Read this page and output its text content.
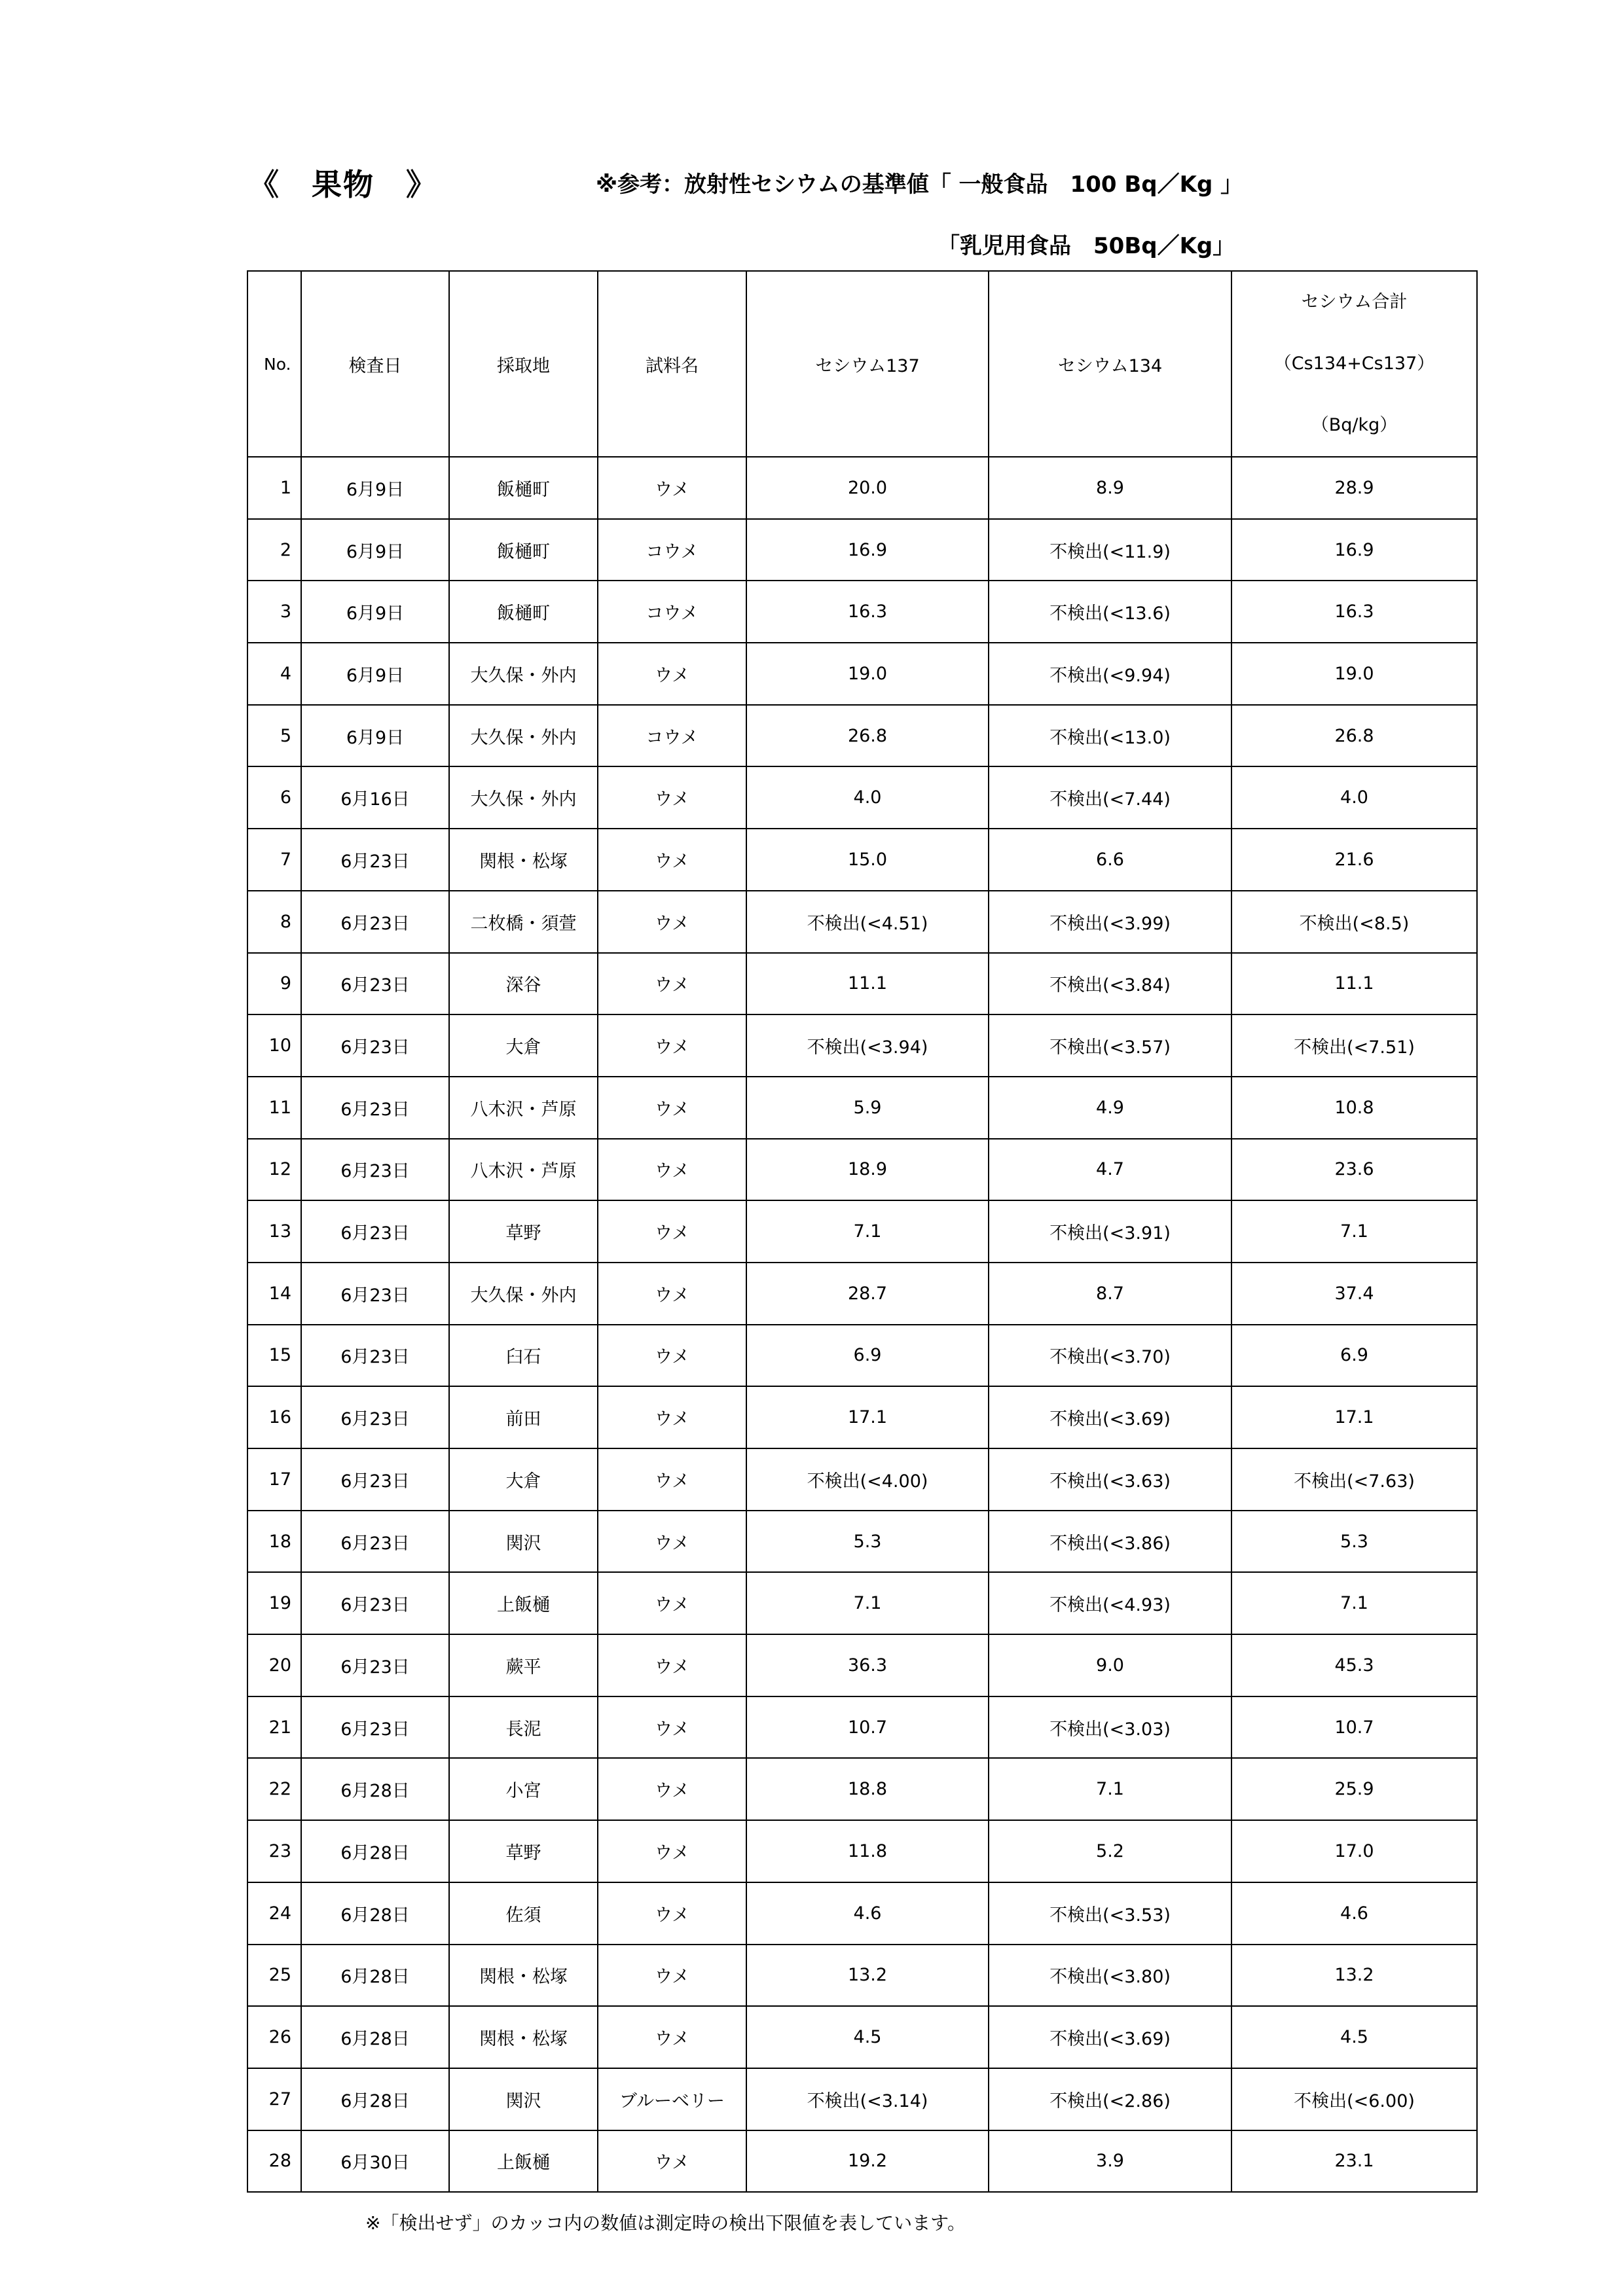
《　果物　》	※参考：放射性セシウムの基準値「 一般食品　100 Bq／Kg 」
「乳児用食品　50Bq／Kg」
No.	検査日	採取地	試料名	セシウム137	セシウム134	セシウム合計
（Cs134+Cs137）
（Bq/kg）

1	6月9日	飯樋町	ウメ	20.0	8.9	28.9
2	6月9日	飯樋町	コウメ	16.9	不検出(<11.9)	16.9
3	6月9日	飯樋町	コウメ	16.3	不検出(<13.6)	16.3
4	6月9日	大久保・外内	ウメ	19.0	不検出(<9.94)	19.0
5	6月9日	大久保・外内	コウメ	26.8	不検出(<13.0)	26.8
6	6月16日	大久保・外内	ウメ	4.0	不検出(<7.44)	4.0
7	6月23日	関根・松塚	ウメ	15.0	6.6	21.6
8	6月23日	二枚橋・須萱	ウメ	不検出(<4.51)	不検出(<3.99)	不検出(<8.5)
9	6月23日	深谷	ウメ	11.1	不検出(<3.84)	11.1
10	6月23日	大倉	ウメ	不検出(<3.94)	不検出(<3.57)	不検出(<7.51)
11	6月23日	八木沢・芦原	ウメ	5.9	4.9	10.8
12	6月23日	八木沢・芦原	ウメ	18.9	4.7	23.6
13	6月23日	草野	ウメ	7.1	不検出(<3.91)	7.1
14	6月23日	大久保・外内	ウメ	28.7	8.7	37.4
15	6月23日	臼石	ウメ	6.9	不検出(<3.70)	6.9
16	6月23日	前田	ウメ	17.1	不検出(<3.69)	17.1
17	6月23日	大倉	ウメ	不検出(<4.00)	不検出(<3.63)	不検出(<7.63)
18	6月23日	関沢	ウメ	5.3	不検出(<3.86)	5.3
19	6月23日	上飯樋	ウメ	7.1	不検出(<4.93)	7.1
20	6月23日	蕨平	ウメ	36.3	9.0	45.3
21	6月23日	長泥	ウメ	10.7	不検出(<3.03)	10.7
22	6月28日	小宮	ウメ	18.8	7.1	25.9
23	6月28日	草野	ウメ	11.8	5.2	17.0
24	6月28日	佐須	ウメ	4.6	不検出(<3.53)	4.6
25	6月28日	関根・松塚	ウメ	13.2	不検出(<3.80)	13.2
26	6月28日	関根・松塚	ウメ	4.5	不検出(<3.69)	4.5
27	6月28日	関沢	ブルーベリー	不検出(<3.14)	不検出(<2.86)	不検出(<6.00)
28	6月30日	上飯樋	ウメ	19.2	3.9	23.1
※「検出せず」のカッコ内の数値は測定時の検出下限値を表しています。
